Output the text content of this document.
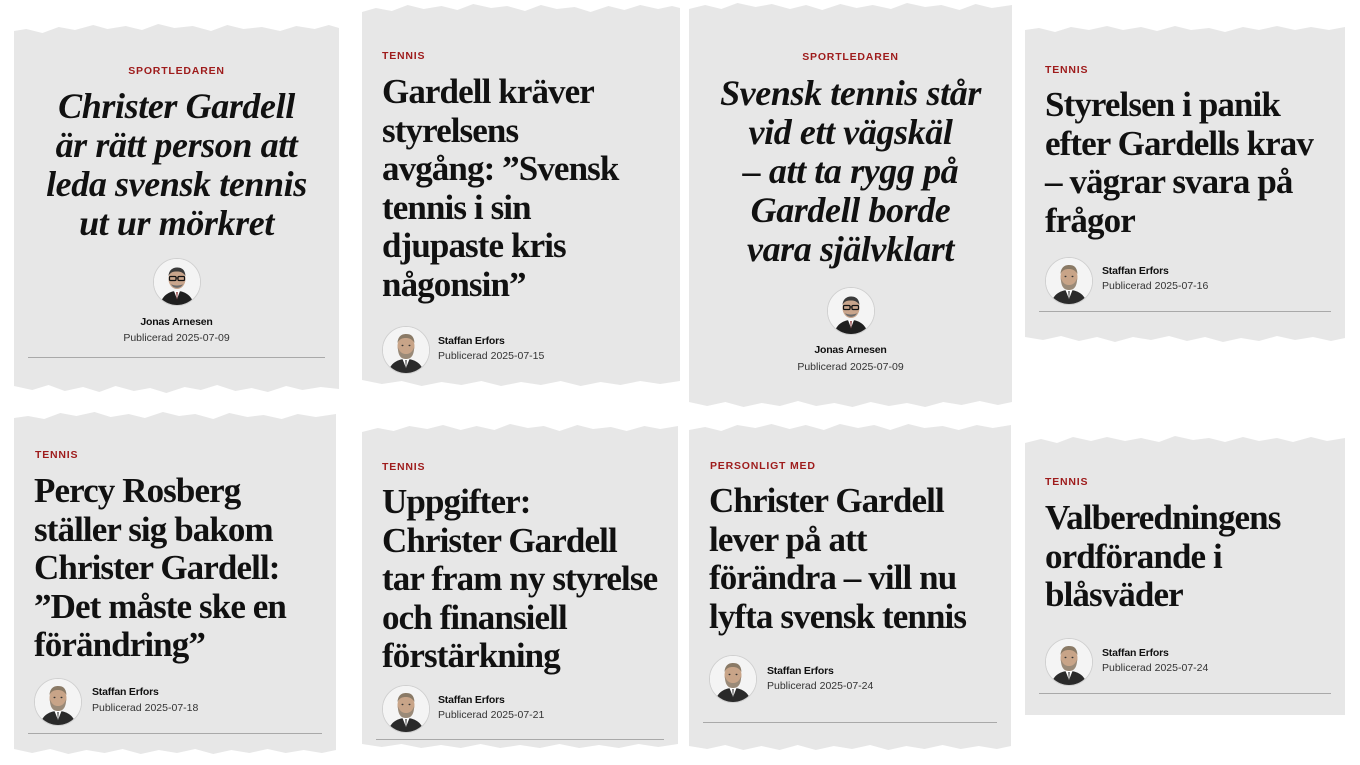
SPORTLEDAREN
Christer Gardell
är rätt person att
leda svensk tennis
ut ur mörkret
Jonas Arnesen
Publicerad 2025-07-09
TENNIS
Gardell kräver
styrelsens
avgång: ”Svensk
tennis i sin
djupaste kris
någonsin”
Staffan Erfors
Publicerad 2025-07-15
SPORTLEDAREN
Svensk tennis står
vid ett vägskäl
– att ta rygg på
Gardell borde
vara självklart
Jonas Arnesen
Publicerad 2025-07-09
TENNIS
Styrelsen i panik
efter Gardells krav
– vägrar svara på
frågor
Staffan Erfors
Publicerad 2025-07-16
TENNIS
Percy Rosberg
ställer sig bakom
Christer Gardell:
”Det måste ske en
förändring”
Staffan Erfors
Publicerad 2025-07-18
TENNIS
Uppgifter:
Christer Gardell
tar fram ny styrelse
och finansiell
förstärkning
Staffan Erfors
Publicerad 2025-07-21
PERSONLIGT MED
Christer Gardell
lever på att
förändra – vill nu
lyfta svensk tennis
Staffan Erfors
Publicerad 2025-07-24
TENNIS
Valberedningens
ordförande i
blåsväder
Staffan Erfors
Publicerad 2025-07-24
